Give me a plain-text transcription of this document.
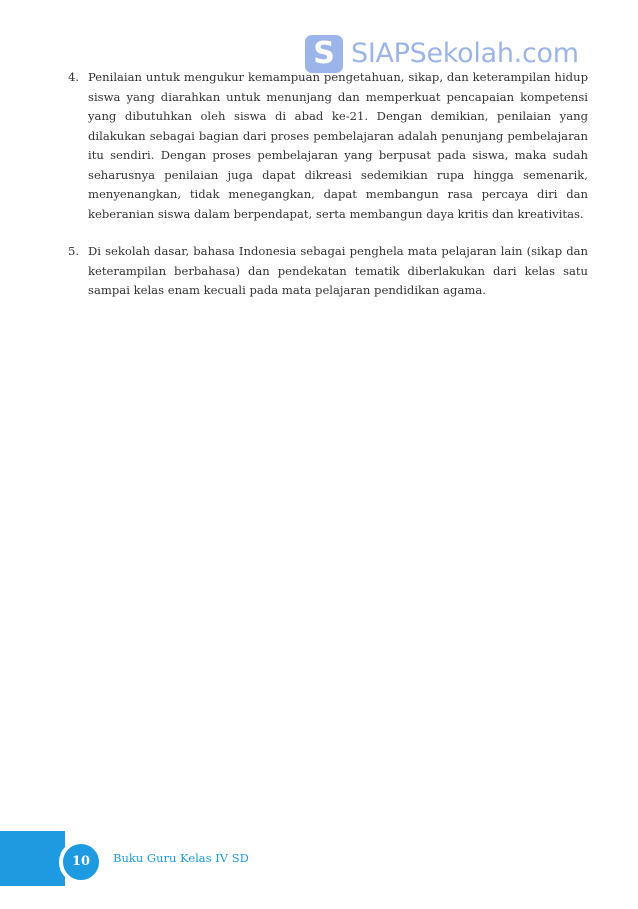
S SIAPSekolah.com
4. Penilaian untuk mengukur kemampuan pengetahuan, sikap, dan keterampilan hidup siswa yang diarahkan untuk menunjang dan memperkuat pencapaian kompetensi yang dibutuhkan oleh siswa di abad ke-21. Dengan demikian, penilaian yang dilakukan sebagai bagian dari proses pembelajaran adalah penunjang pembelajaran itu sendiri. Dengan proses pembelajaran yang berpusat pada siswa, maka sudah seharusnya penilaian juga dapat dikreasi sedemikian rupa hingga semenarik, menyenangkan, tidak menegangkan, dapat membangun rasa percaya diri dan keberanian siswa dalam berpendapat, serta membangun daya kritis dan kreativitas.
5. Di sekolah dasar, bahasa Indonesia sebagai penghela mata pelajaran lain (sikap dan keterampilan berbahasa) dan pendekatan tematik diberlakukan dari kelas satu sampai kelas enam kecuali pada mata pelajaran pendidikan agama.
10	Buku Guru Kelas IV SD
